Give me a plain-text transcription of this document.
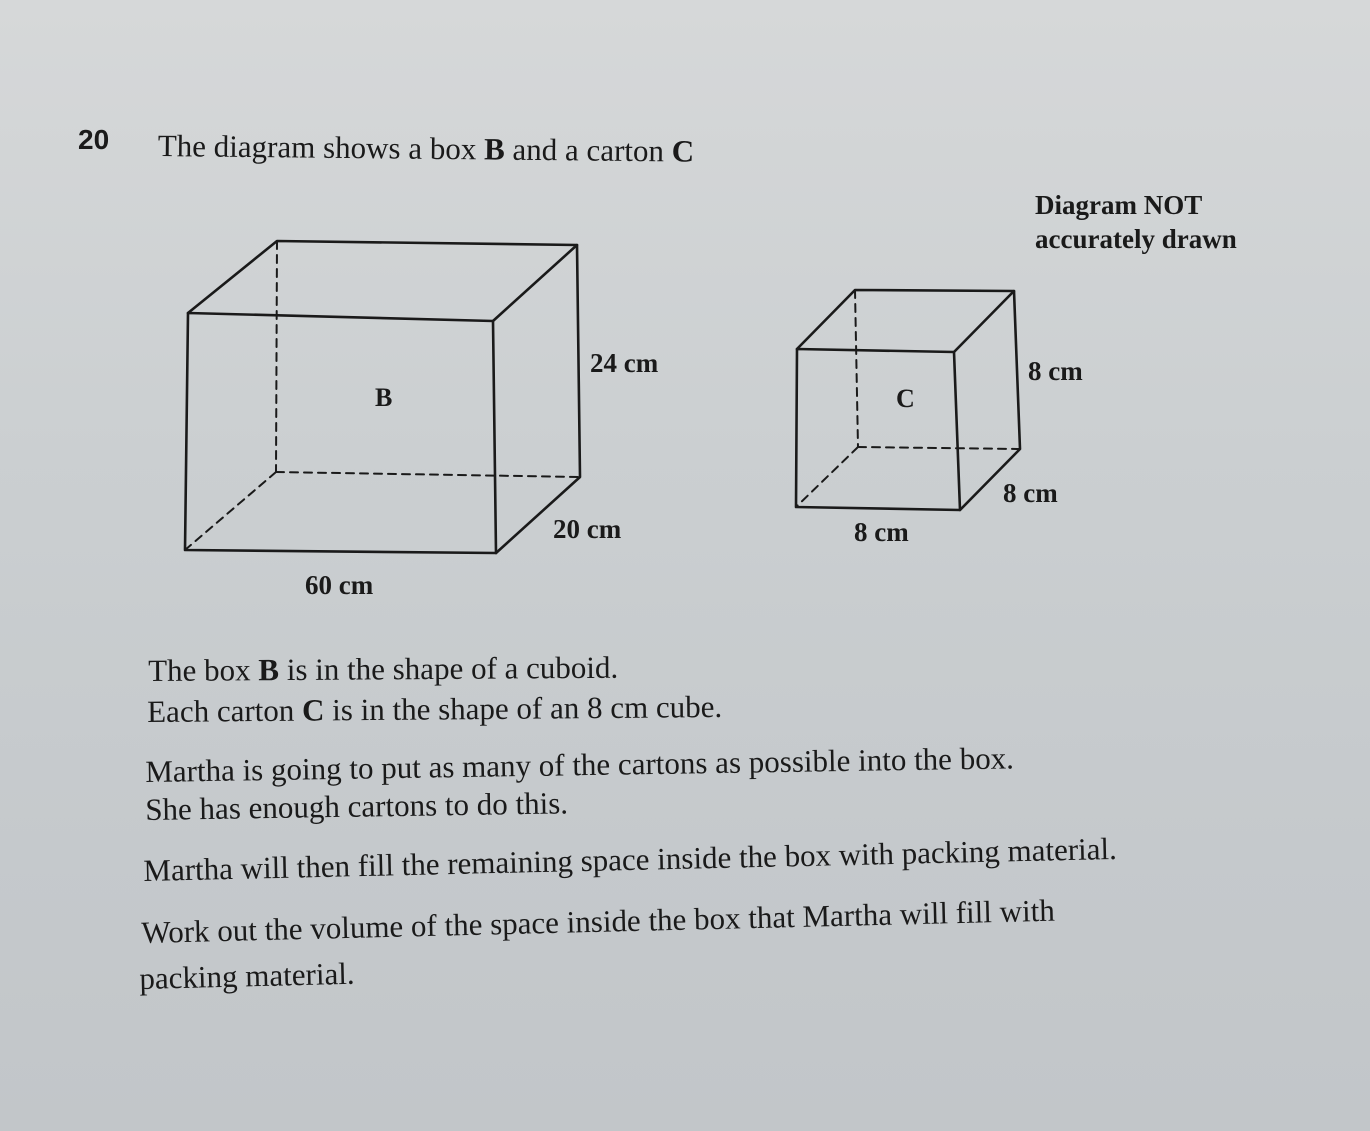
20 The diagram shows a box B and a carton C
Diagram NOT
accurately drawn
B
24 cm
20 cm
60 cm
C
8 cm
8 cm
8 cm
The box B is in the shape of a cuboid.
Each carton C is in the shape of an 8 cm cube.
Martha is going to put as many of the cartons as possible into the box.
She has enough cartons to do this.
Martha will then fill the remaining space inside the box with packing material.
Work out the volume of the space inside the box that Martha will fill with
packing material.
